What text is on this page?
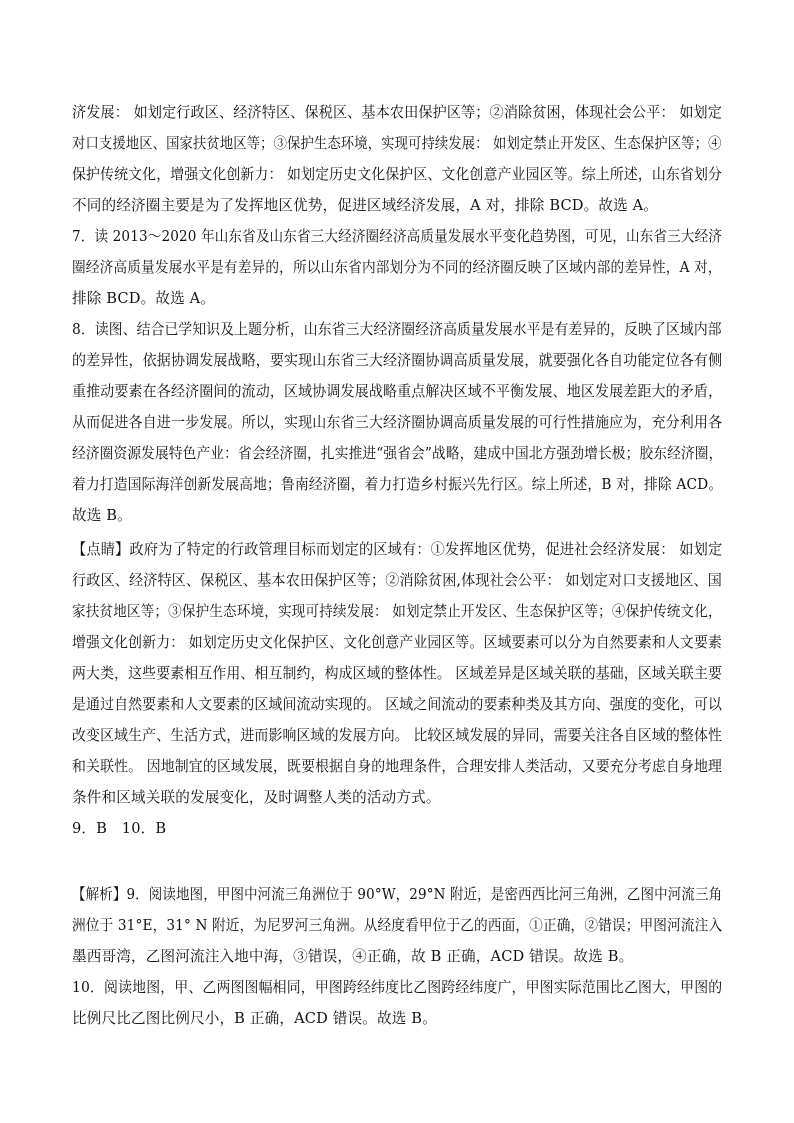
济发展： 如划定行政区、经济特区、保税区、基本农田保护区等；②消除贫困，体现社会公平： 如划定
对口支援地区、国家扶贫地区等；③保护生态环境，实现可持续发展： 如划定禁止开发区、生态保护区等；④
保护传统文化，增强文化创新力： 如划定历史文化保护区、文化创意产业园区等。综上所述，山东省划分
不同的经济圈主要是为了发挥地区优势，促进区域经济发展，A 对，排除 BCD。故选 A。
7．读 2013～2020 年山东省及山东省三大经济圈经济高质量发展水平变化趋势图，可见，山东省三大经济
圈经济高质量发展水平是有差异的，所以山东省内部划分为不同的经济圈反映了区域内部的差异性，A 对，
排除 BCD。故选 A。
8．读图、结合已学知识及上题分析，山东省三大经济圈经济高质量发展水平是有差异的，反映了区域内部
的差异性，依据协调发展战略，要实现山东省三大经济圈协调高质量发展，就要强化各自功能定位各有侧
重推动要素在各经济圈间的流动，区域协调发展战略重点解决区域不平衡发展、地区发展差距大的矛盾，
从而促进各自进一步发展。所以，实现山东省三大经济圈协调高质量发展的可行性措施应为，充分利用各
经济圈资源发展特色产业：省会经济圈，扎实推进“强省会”战略，建成中国北方强劲增长极；胶东经济圈，
着力打造国际海洋创新发展高地；鲁南经济圈，着力打造乡村振兴先行区。综上所述，B 对，排除 ACD。
故选 B。
【点睛】政府为了特定的行政管理目标而划定的区域有：①发挥地区优势，促进社会经济发展： 如划定
行政区、经济特区、保税区、基本农田保护区等；②消除贫困,体现社会公平： 如划定对口支援地区、国
家扶贫地区等；③保护生态环境，实现可持续发展： 如划定禁止开发区、生态保护区等；④保护传统文化，
增强文化创新力： 如划定历史文化保护区、文化创意产业园区等。区域要素可以分为自然要素和人文要素
两大类，这些要素相互作用、相互制约，构成区域的整体性。 区域差异是区域关联的基础，区域关联主要
是通过自然要素和人文要素的区域间流动实现的。 区域之间流动的要素种类及其方向、强度的变化，可以
改变区域生产、生活方式，进而影响区域的发展方向。 比较区域发展的异同，需要关注各自区域的整体性
和关联性。 因地制宜的区域发展，既要根据自身的地理条件，合理安排人类活动，又要充分考虑自身地理
条件和区域关联的发展变化，及时调整人类的活动方式。
9．B　10．B
【解析】9．阅读地图，甲图中河流三角洲位于 90°W，29°N 附近，是密西西比河三角洲，乙图中河流三角
洲位于 31°E，31° N 附近，为尼罗河三角洲。从经度看甲位于乙的西面，①正确，②错误；甲图河流注入
墨西哥湾，乙图河流注入地中海，③错误，④正确，故 B 正确，ACD 错误。故选 B。
10．阅读地图，甲、乙两图图幅相同，甲图跨经纬度比乙图跨经纬度广，甲图实际范围比乙图大，甲图的
比例尺比乙图比例尺小，B 正确，ACD 错误。故选 B。
